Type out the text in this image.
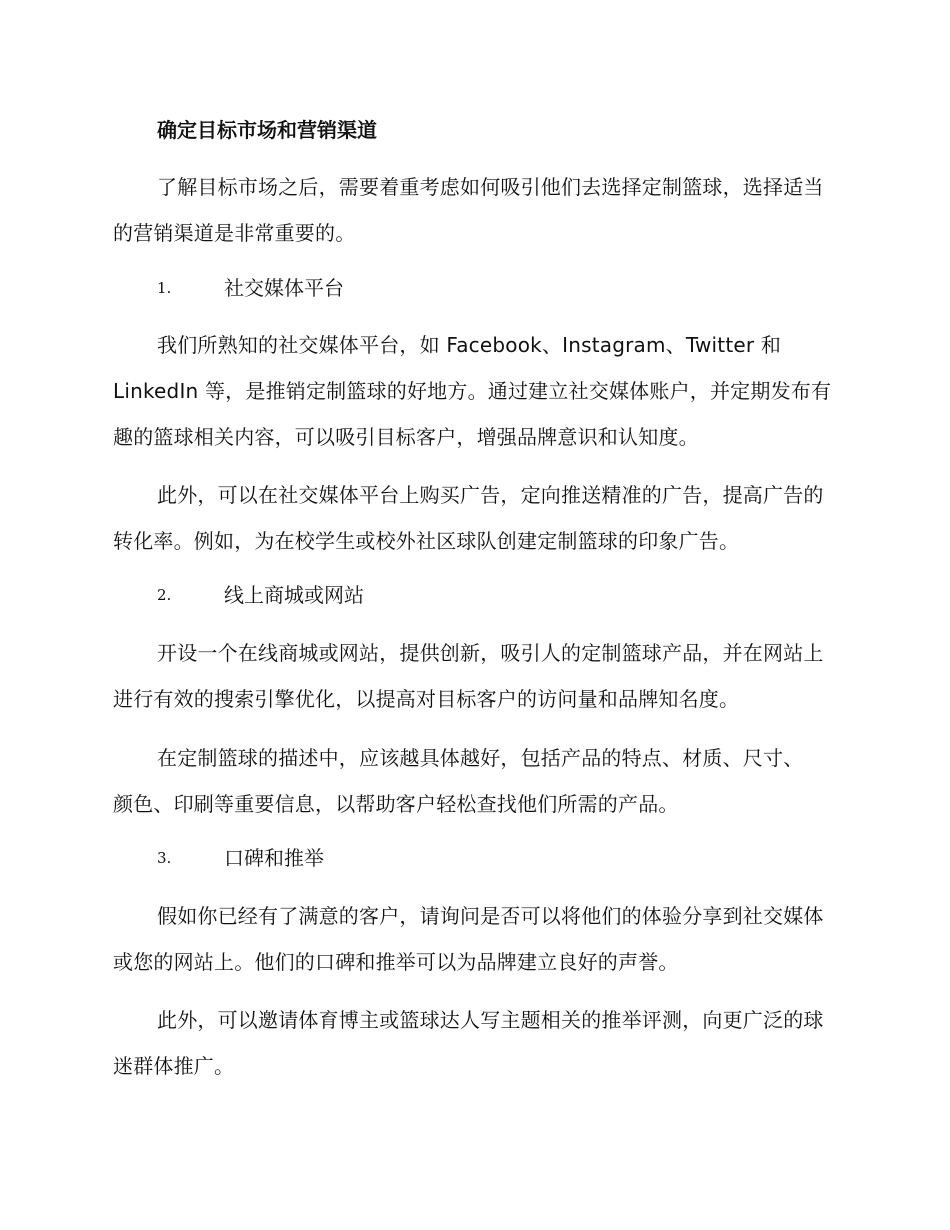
确定目标市场和营销渠道
了解目标市场之后，需要着重考虑如何吸引他们去选择定制篮球，选择适当的营销渠道是非常重要的。
1.	社交媒体平台
我们所熟知的社交媒体平台，如 Facebook、Instagram、Twitter 和 LinkedIn 等，是推销定制篮球的好地方。通过建立社交媒体账户，并定期发布有趣的篮球相关内容，可以吸引目标客户，增强品牌意识和认知度。
此外，可以在社交媒体平台上购买广告，定向推送精准的广告，提高广告的转化率。例如，为在校学生或校外社区球队创建定制篮球的印象广告。
2.	线上商城或网站
开设一个在线商城或网站，提供创新，吸引人的定制篮球产品，并在网站上进行有效的搜索引擎优化，以提高对目标客户的访问量和品牌知名度。
在定制篮球的描述中，应该越具体越好，包括产品的特点、材质、尺寸、颜色、印刷等重要信息，以帮助客户轻松查找他们所需的产品。
3.	口碑和推举
假如你已经有了满意的客户，请询问是否可以将他们的体验分享到社交媒体或您的网站上。他们的口碑和推举可以为品牌建立良好的声誉。
此外，可以邀请体育博主或篮球达人写主题相关的推举评测，向更广泛的球迷群体推广。
